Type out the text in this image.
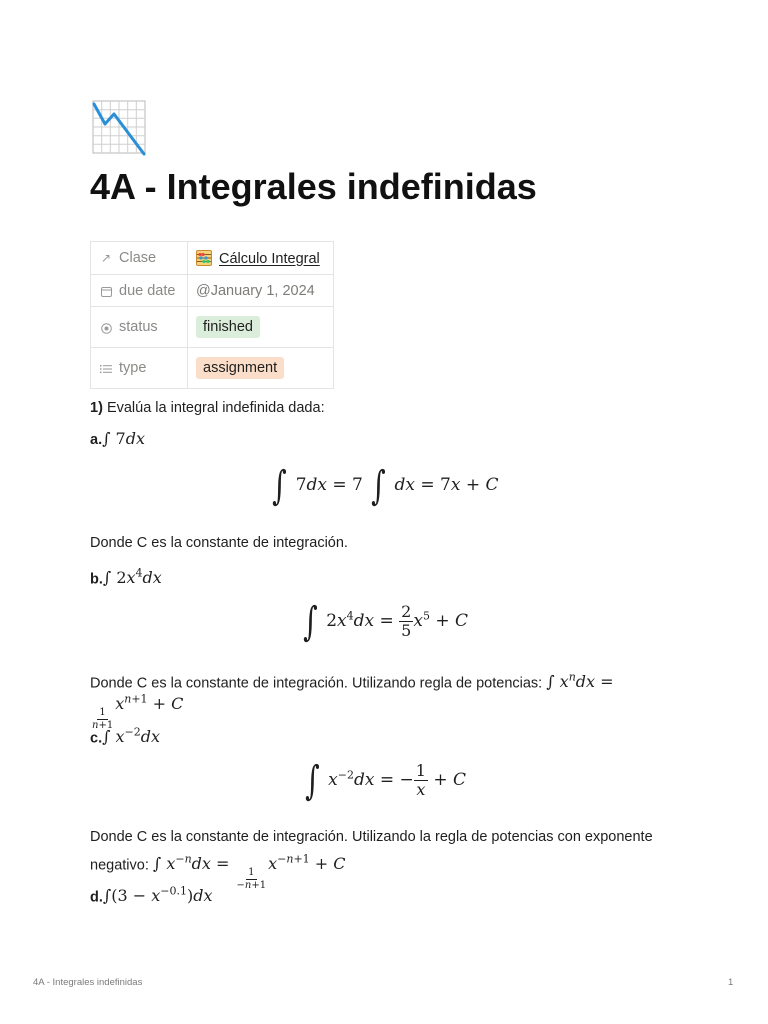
4A - Integrales indefinidas
↗ Clase	Cálculo Integral
due date	@January 1, 2024
status	finished
type	assignment
1) Evalúa la integral indefinida dada:
a.∫ 7dx
∫ 7dx = 7 ∫ dx = 7x + C
Donde C es la constante de integración.
b.∫ $2x^4dx$
∫ $2x^4dx = \frac{2}{5} x^5 + C$
Donde C es la constante de integración. Utilizando regla de potencias: ∫ $x^ndx$ =
$\frac{1}{n+1}$
$x^{n+1} + C$
c.∫ $x^{-2}dx$
∫ $x^{-2}dx$ = − $\frac{1}{x} + C$
Donde C es la constante de integración. Utilizando la regla de potencias con exponente
negativo: ∫ $x^{-n}dx$ =
$\frac{1}{-n+1}$
$x^{-n+1} + C$
$d.\int(3 - x^{-0.1})dx$
4A - Integrales indefinidas	1
